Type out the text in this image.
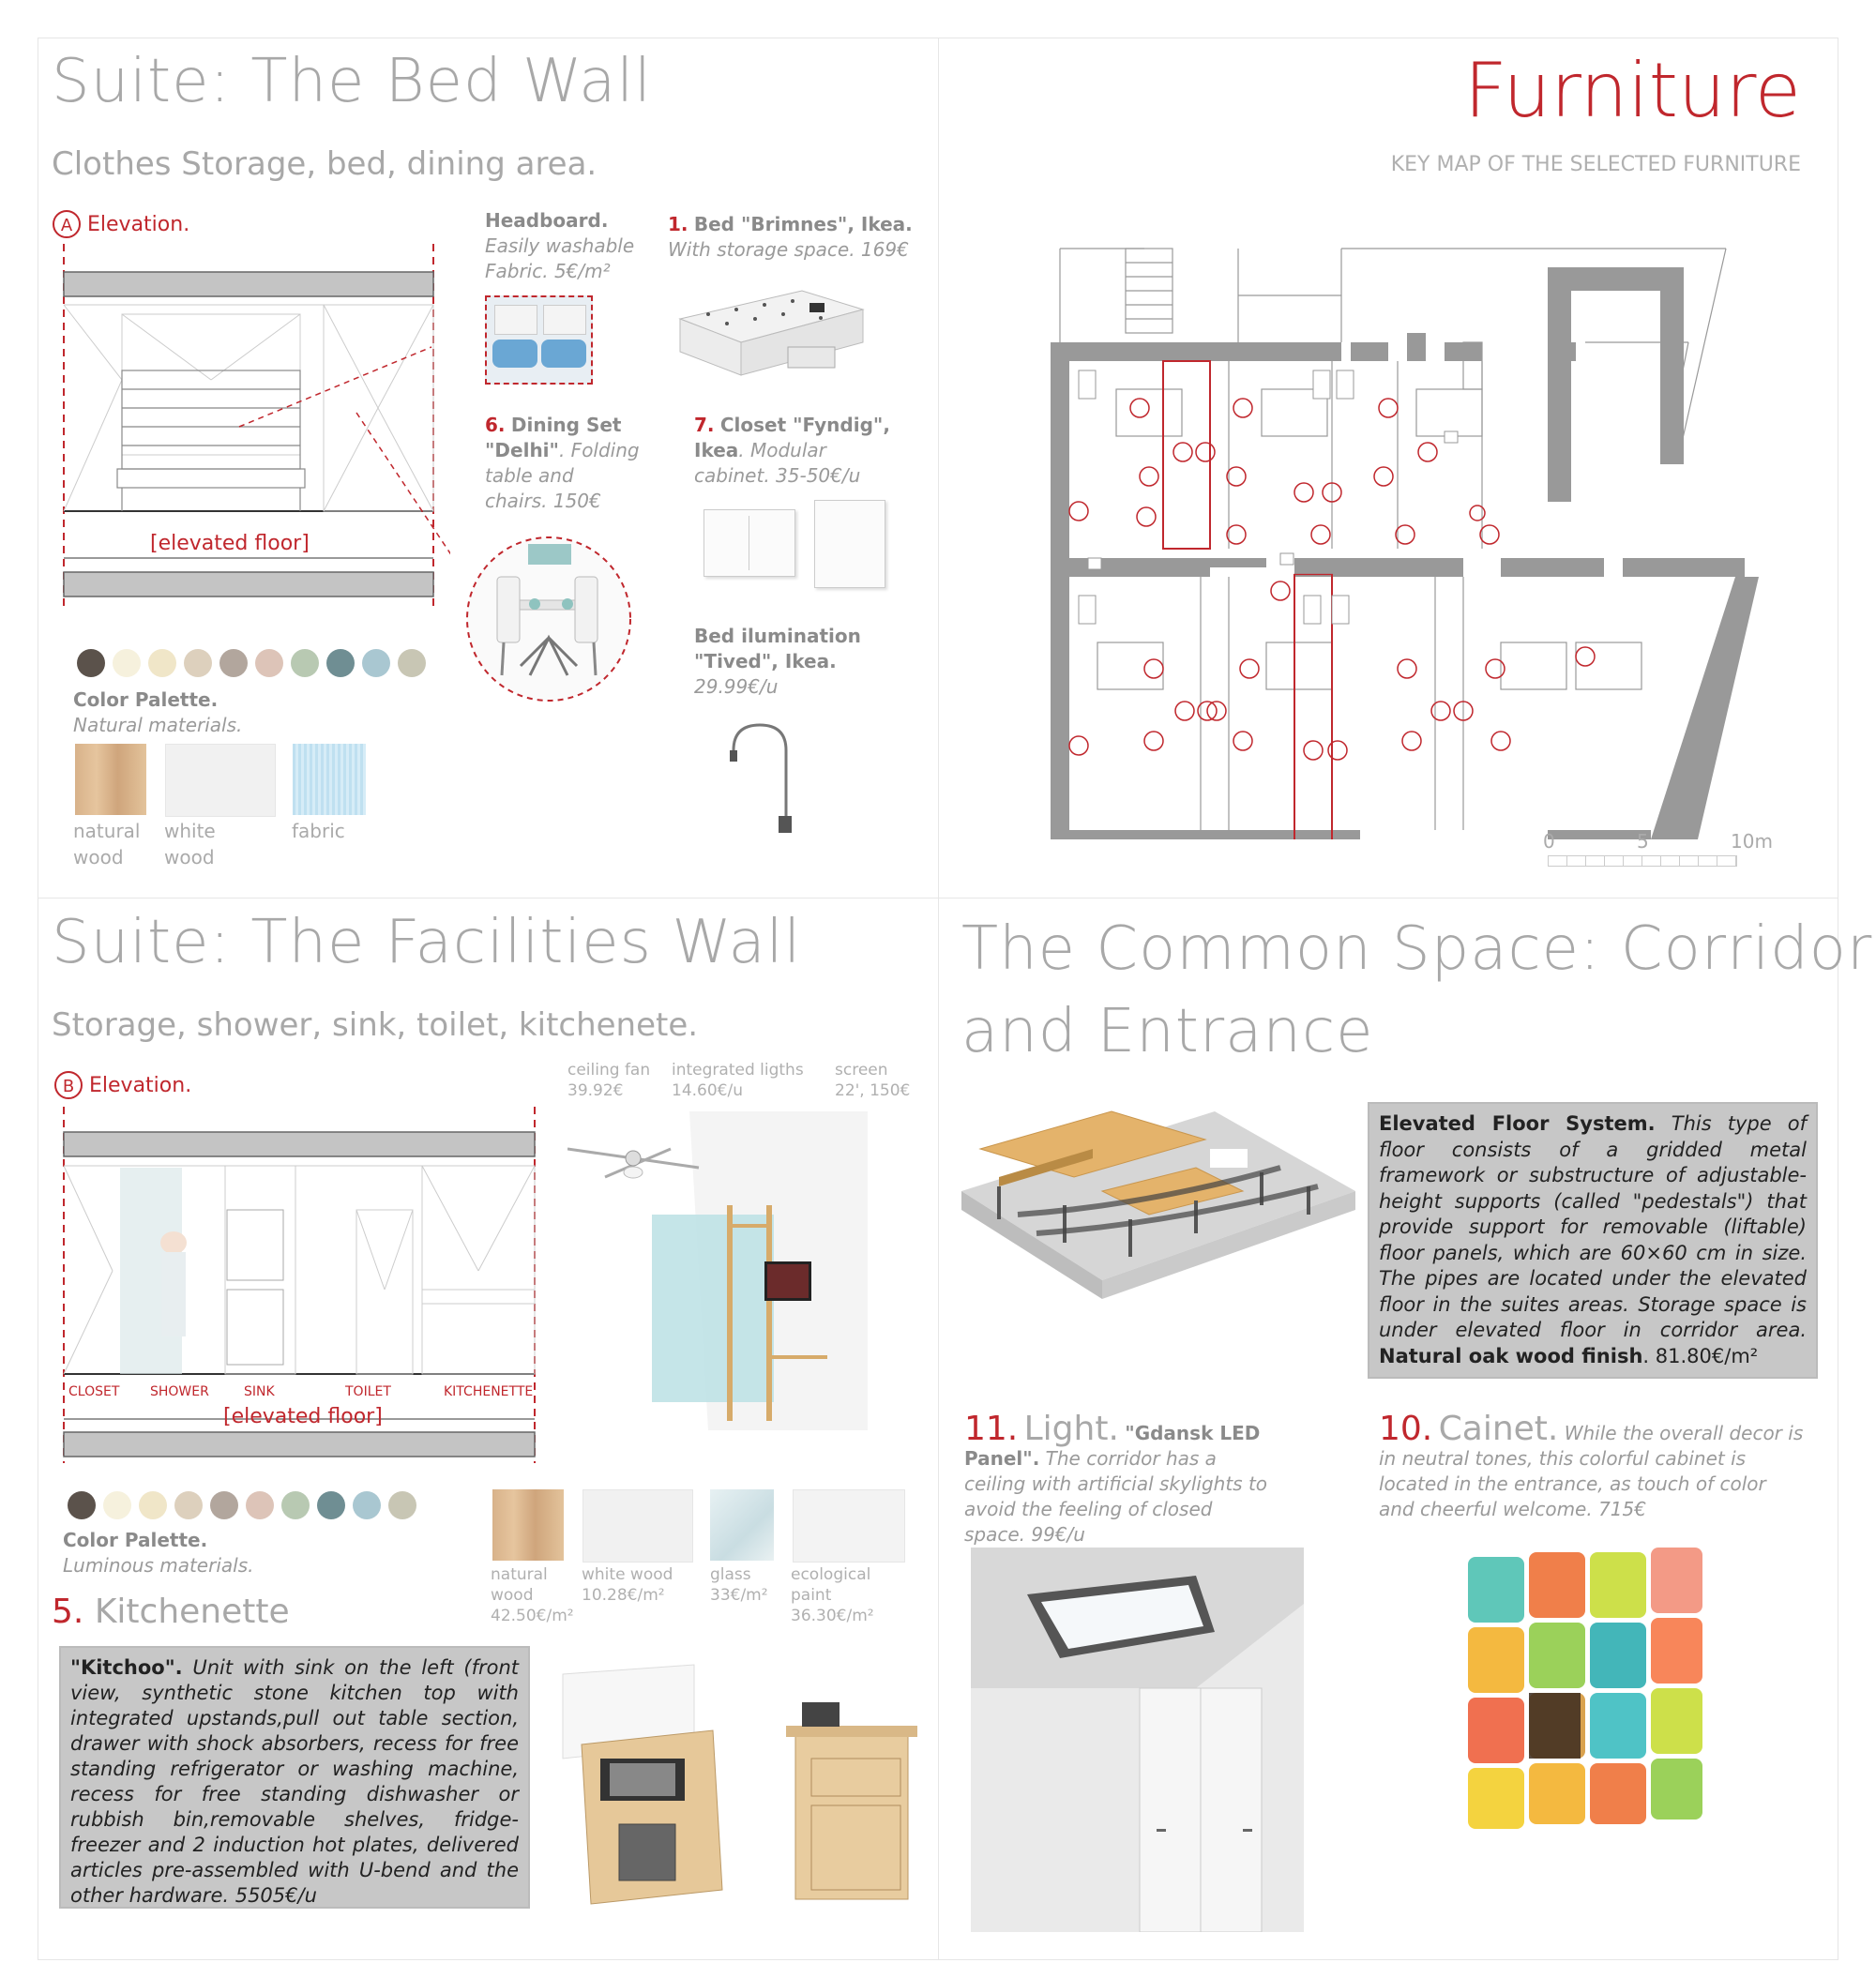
Suite: The Bed Wall
Clothes Storage, bed, dining area.
A Elevation.
[elevated floor]
Headboard.
Easily washable
Fabric. 5€/m²
1. Bed "Brimnes", Ikea.
With storage space. 169€
6. Dining Set
"Delhi". Folding
table and
chairs. 150€
7. Closet "Fyndig",
Ikea. Modular
cabinet. 35-50€/u
Bed ilumination
"Tived", Ikea.
29.99€/u
Color Palette.
Natural materials.
natural
wood
white
wood
fabric
Furniture
KEY MAP OF THE SELECTED FURNITURE
0	5	10m
Suite: The Facilities Wall
Storage, shower, sink, toilet, kitchenete.
B Elevation.
CLOSET SHOWER	SINK	TOILET	KITCHENETTE
[elevated floor]
ceiling fan
39.92€
integrated ligths
14.60€/u
screen
22', 150€
Color Palette.
Luminous materials.	natural
wood
42.50€/m²
white wood
10.28€/m²
glass
33€/m²
ecological
paint
36.30€/m²
5. Kitchenette
"Kitchoo". Unit with sink on the left (front view, synthetic stone kitchen top with integrated upstands,pull out table section, drawer with shock absorbers, recess for free standing refrigerator or washing machine, recess for free standing dishwasher or rubbish bin,removable shelves, fridge-freezer and 2 induction hot plates, delivered articles pre-assembled with U-bend and the other hardware. 5505€/u
The Common Space: Corridor
and Entrance
Elevated Floor System. This type of floor consists of a gridded metal framework or substructure of adjustable-height supports (called "pedestals") that provide support for removable (liftable) floor panels, which are 60×60 cm in size. The pipes are located under the elevated floor in the suites areas. Storage space is under elevated floor in corridor area. Natural oak wood finish. 81.80€/m²
11. Light. "Gdansk LED Panel". The corridor has a ceiling with artificial skylights to avoid the feeling of closed space. 99€/u
10. Cainet. While the overall decor is in neutral tones, this colorful cabinet is located in the entrance, as touch of color and cheerful welcome. 715€
